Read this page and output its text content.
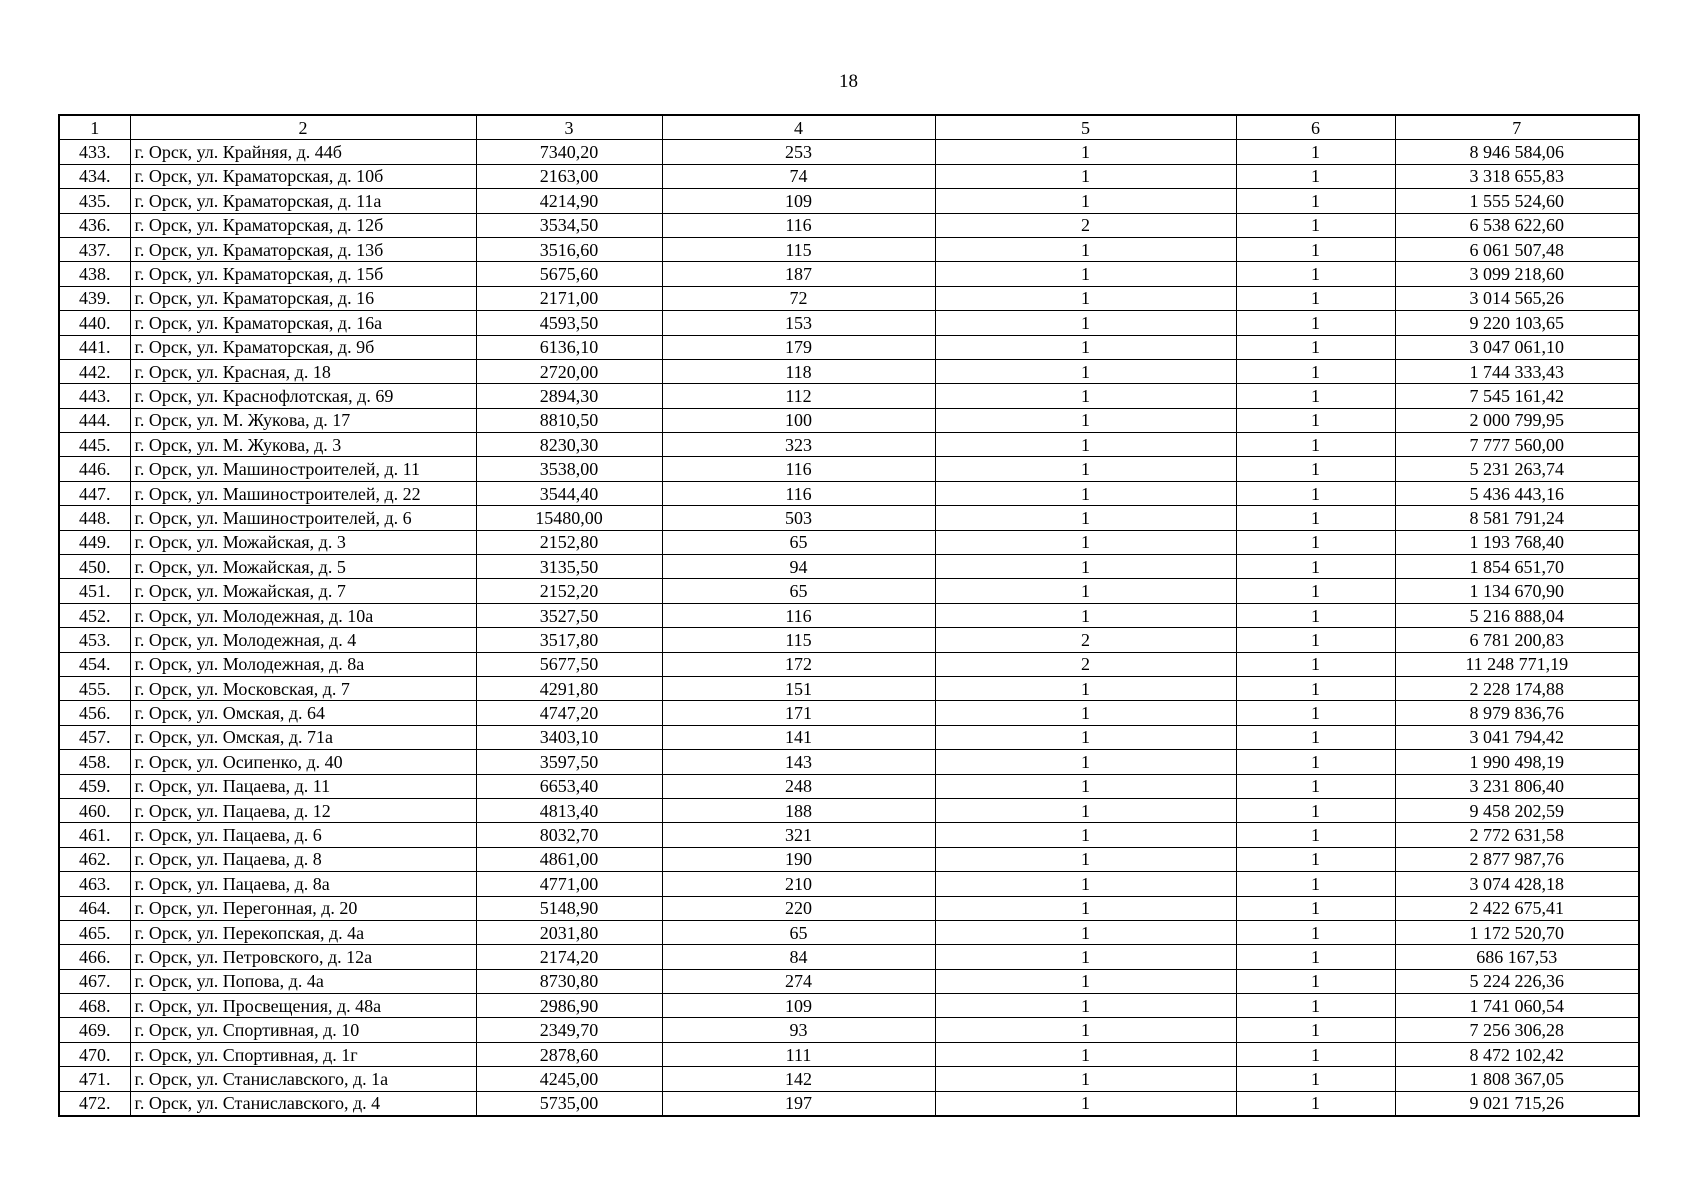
18
1	2	3	4	5	6	7
433.	г. Орск, ул. Крайняя, д. 44б	7340,20	253	1	1	8 946 584,06
434.	г. Орск, ул. Краматорская, д. 10б	2163,00	74	1	1	3 318 655,83
435.	г. Орск, ул. Краматорская, д. 11а	4214,90	109	1	1	1 555 524,60
436.	г. Орск, ул. Краматорская, д. 12б	3534,50	116	2	1	6 538 622,60
437.	г. Орск, ул. Краматорская, д. 13б	3516,60	115	1	1	6 061 507,48
438.	г. Орск, ул. Краматорская, д. 15б	5675,60	187	1	1	3 099 218,60
439.	г. Орск, ул. Краматорская, д. 16	2171,00	72	1	1	3 014 565,26
440.	г. Орск, ул. Краматорская, д. 16а	4593,50	153	1	1	9 220 103,65
441.	г. Орск, ул. Краматорская, д. 9б	6136,10	179	1	1	3 047 061,10
442.	г. Орск, ул. Красная, д. 18	2720,00	118	1	1	1 744 333,43
443.	г. Орск, ул. Краснофлотская, д. 69	2894,30	112	1	1	7 545 161,42
444.	г. Орск, ул. М. Жукова, д. 17	8810,50	100	1	1	2 000 799,95
445.	г. Орск, ул. М. Жукова, д. 3	8230,30	323	1	1	7 777 560,00
446.	г. Орск, ул. Машиностроителей, д. 11	3538,00	116	1	1	5 231 263,74
447.	г. Орск, ул. Машиностроителей, д. 22	3544,40	116	1	1	5 436 443,16
448.	г. Орск, ул. Машиностроителей, д. 6	15480,00	503	1	1	8 581 791,24
449.	г. Орск, ул. Можайская, д. 3	2152,80	65	1	1	1 193 768,40
450.	г. Орск, ул. Можайская, д. 5	3135,50	94	1	1	1 854 651,70
451.	г. Орск, ул. Можайская, д. 7	2152,20	65	1	1	1 134 670,90
452.	г. Орск, ул. Молодежная, д. 10а	3527,50	116	1	1	5 216 888,04
453.	г. Орск, ул. Молодежная, д. 4	3517,80	115	2	1	6 781 200,83
454.	г. Орск, ул. Молодежная, д. 8а	5677,50	172	2	1	11 248 771,19
455.	г. Орск, ул. Московская, д. 7	4291,80	151	1	1	2 228 174,88
456.	г. Орск, ул. Омская, д. 64	4747,20	171	1	1	8 979 836,76
457.	г. Орск, ул. Омская, д. 71а	3403,10	141	1	1	3 041 794,42
458.	г. Орск, ул. Осипенко, д. 40	3597,50	143	1	1	1 990 498,19
459.	г. Орск, ул. Пацаева, д. 11	6653,40	248	1	1	3 231 806,40
460.	г. Орск, ул. Пацаева, д. 12	4813,40	188	1	1	9 458 202,59
461.	г. Орск, ул. Пацаева, д. 6	8032,70	321	1	1	2 772 631,58
462.	г. Орск, ул. Пацаева, д. 8	4861,00	190	1	1	2 877 987,76
463.	г. Орск, ул. Пацаева, д. 8а	4771,00	210	1	1	3 074 428,18
464.	г. Орск, ул. Перегонная, д. 20	5148,90	220	1	1	2 422 675,41
465.	г. Орск, ул. Перекопская, д. 4а	2031,80	65	1	1	1 172 520,70
466.	г. Орск, ул. Петровского, д. 12а	2174,20	84	1	1	686 167,53
467.	г. Орск, ул. Попова, д. 4а	8730,80	274	1	1	5 224 226,36
468.	г. Орск, ул. Просвещения, д. 48а	2986,90	109	1	1	1 741 060,54
469.	г. Орск, ул. Спортивная, д. 10	2349,70	93	1	1	7 256 306,28
470.	г. Орск, ул. Спортивная, д. 1г	2878,60	111	1	1	8 472 102,42
471.	г. Орск, ул. Станиславского, д. 1а	4245,00	142	1	1	1 808 367,05
472.	г. Орск, ул. Станиславского, д. 4	5735,00	197	1	1	9 021 715,26
